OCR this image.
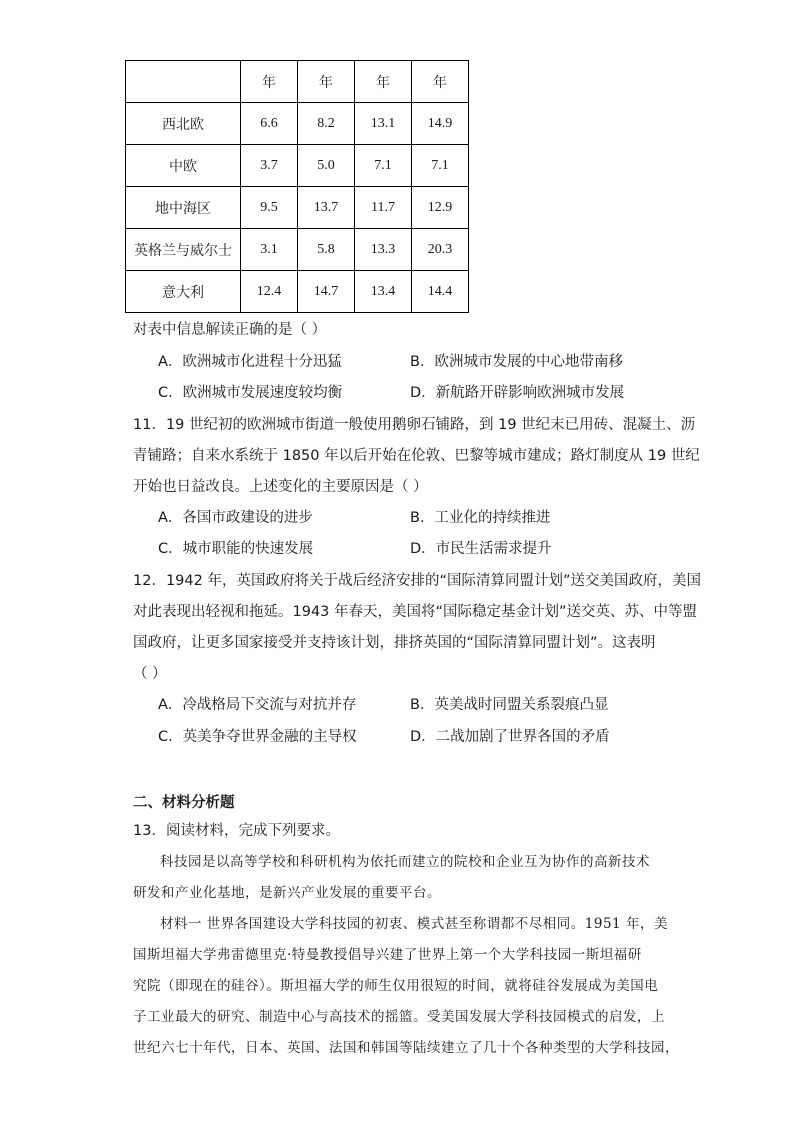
	年	年	年	年
西北欧	6.6	8.2	13.1	14.9
中欧	3.7	5.0	7.1	7.1
地中海区	9.5	13.7	11.7	12.9
英格兰与威尔士	3.1	5.8	13.3	20.3
意大利	12.4	14.7	13.4	14.4
对表中信息解读正确的是（ ）
A．欧洲城市化进程十分迅猛	B．欧洲城市发展的中心地带南移
C．欧洲城市发展速度较均衡	D．新航路开辟影响欧洲城市发展
11．19 世纪初的欧洲城市街道一般使用鹅卵石铺路，到 19 世纪末已用砖、混凝土、沥
青铺路；自来水系统于 1850 年以后开始在伦敦、巴黎等城市建成；路灯制度从 19 世纪
开始也日益改良。上述变化的主要原因是（ ）
A．各国市政建设的进步	B．工业化的持续推进
C．城市职能的快速发展	D．市民生活需求提升
12．1942 年，英国政府将关于战后经济安排的“国际清算同盟计划”送交美国政府，美国
对此表现出轻视和拖延。1943 年春天，美国将“国际稳定基金计划”送交英、苏、中等盟
国政府，让更多国家接受并支持该计划，排挤英国的“国际清算同盟计划”。这表明
（ ）
A．冷战格局下交流与对抗并存	B．英美战时同盟关系裂痕凸显
C．英美争夺世界金融的主导权	D．二战加剧了世界各国的矛盾
二、材料分析题
13．阅读材料，完成下列要求。
科技园是以高等学校和科研机构为依托而建立的院校和企业互为协作的高新技术
研发和产业化基地，是新兴产业发展的重要平台。
材料一 世界各国建设大学科技园的初衷、模式甚至称谓都不尽相同。1951 年，美
国斯坦福大学弗雷德里克·特曼教授倡导兴建了世界上第一个大学科技园一斯坦福研
究院（即现在的硅谷）。斯坦福大学的师生仅用很短的时间，就将硅谷发展成为美国电
子工业最大的研究、制造中心与高技术的摇篮。受美国发展大学科技园模式的启发，上
世纪六七十年代，日本、英国、法国和韩国等陆续建立了几十个各种类型的大学科技园，
